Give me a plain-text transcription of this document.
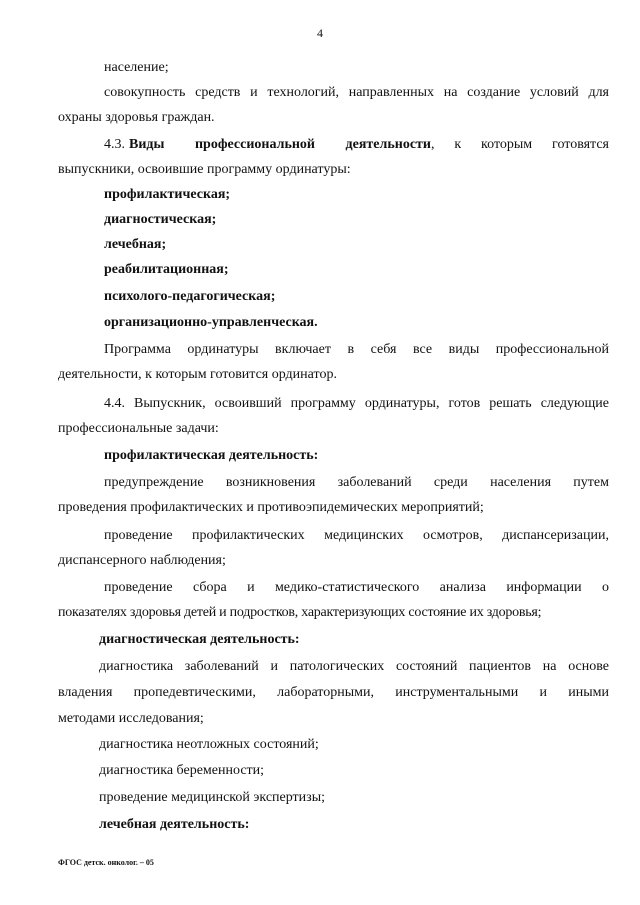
4
население;
совокупность средств и технологий, направленных на создание условий для
охраны здоровья граждан.
4.3. Виды профессиональной деятельности , к которым готовятся
выпускники, освоившие программу ординатуры:
профилактическая;
диагностическая;
лечебная;
реабилитационная;
психолого-педагогическая;
организационно-управленческая.
Программа ординатуры включает в себя все виды профессиональной
деятельности, к которым готовится ординатор.
4.4. Выпускник, освоивший программу ординатуры, готов решать следующие
профессиональные задачи:
профилактическая деятельность:
предупреждение возникновения заболеваний среди населения путем
проведения профилактических и противоэпидемических мероприятий;
проведение профилактических медицинских осмотров, диспансеризации,
диспансерного наблюдения;
проведение сбора и медико-статистического анализа информации о
показателях здоровья детей и подростков, характеризующих состояние их здоровья;
диагностическая деятельность:
диагностика заболеваний и патологических состояний пациентов на основе
владения пропедевтическими, лабораторными, инструментальными и иными
методами исследования;
диагностика неотложных состояний;
диагностика беременности;
проведение медицинской экспертизы;
лечебная деятельность:
ФГОС детск. онколог. – 05
